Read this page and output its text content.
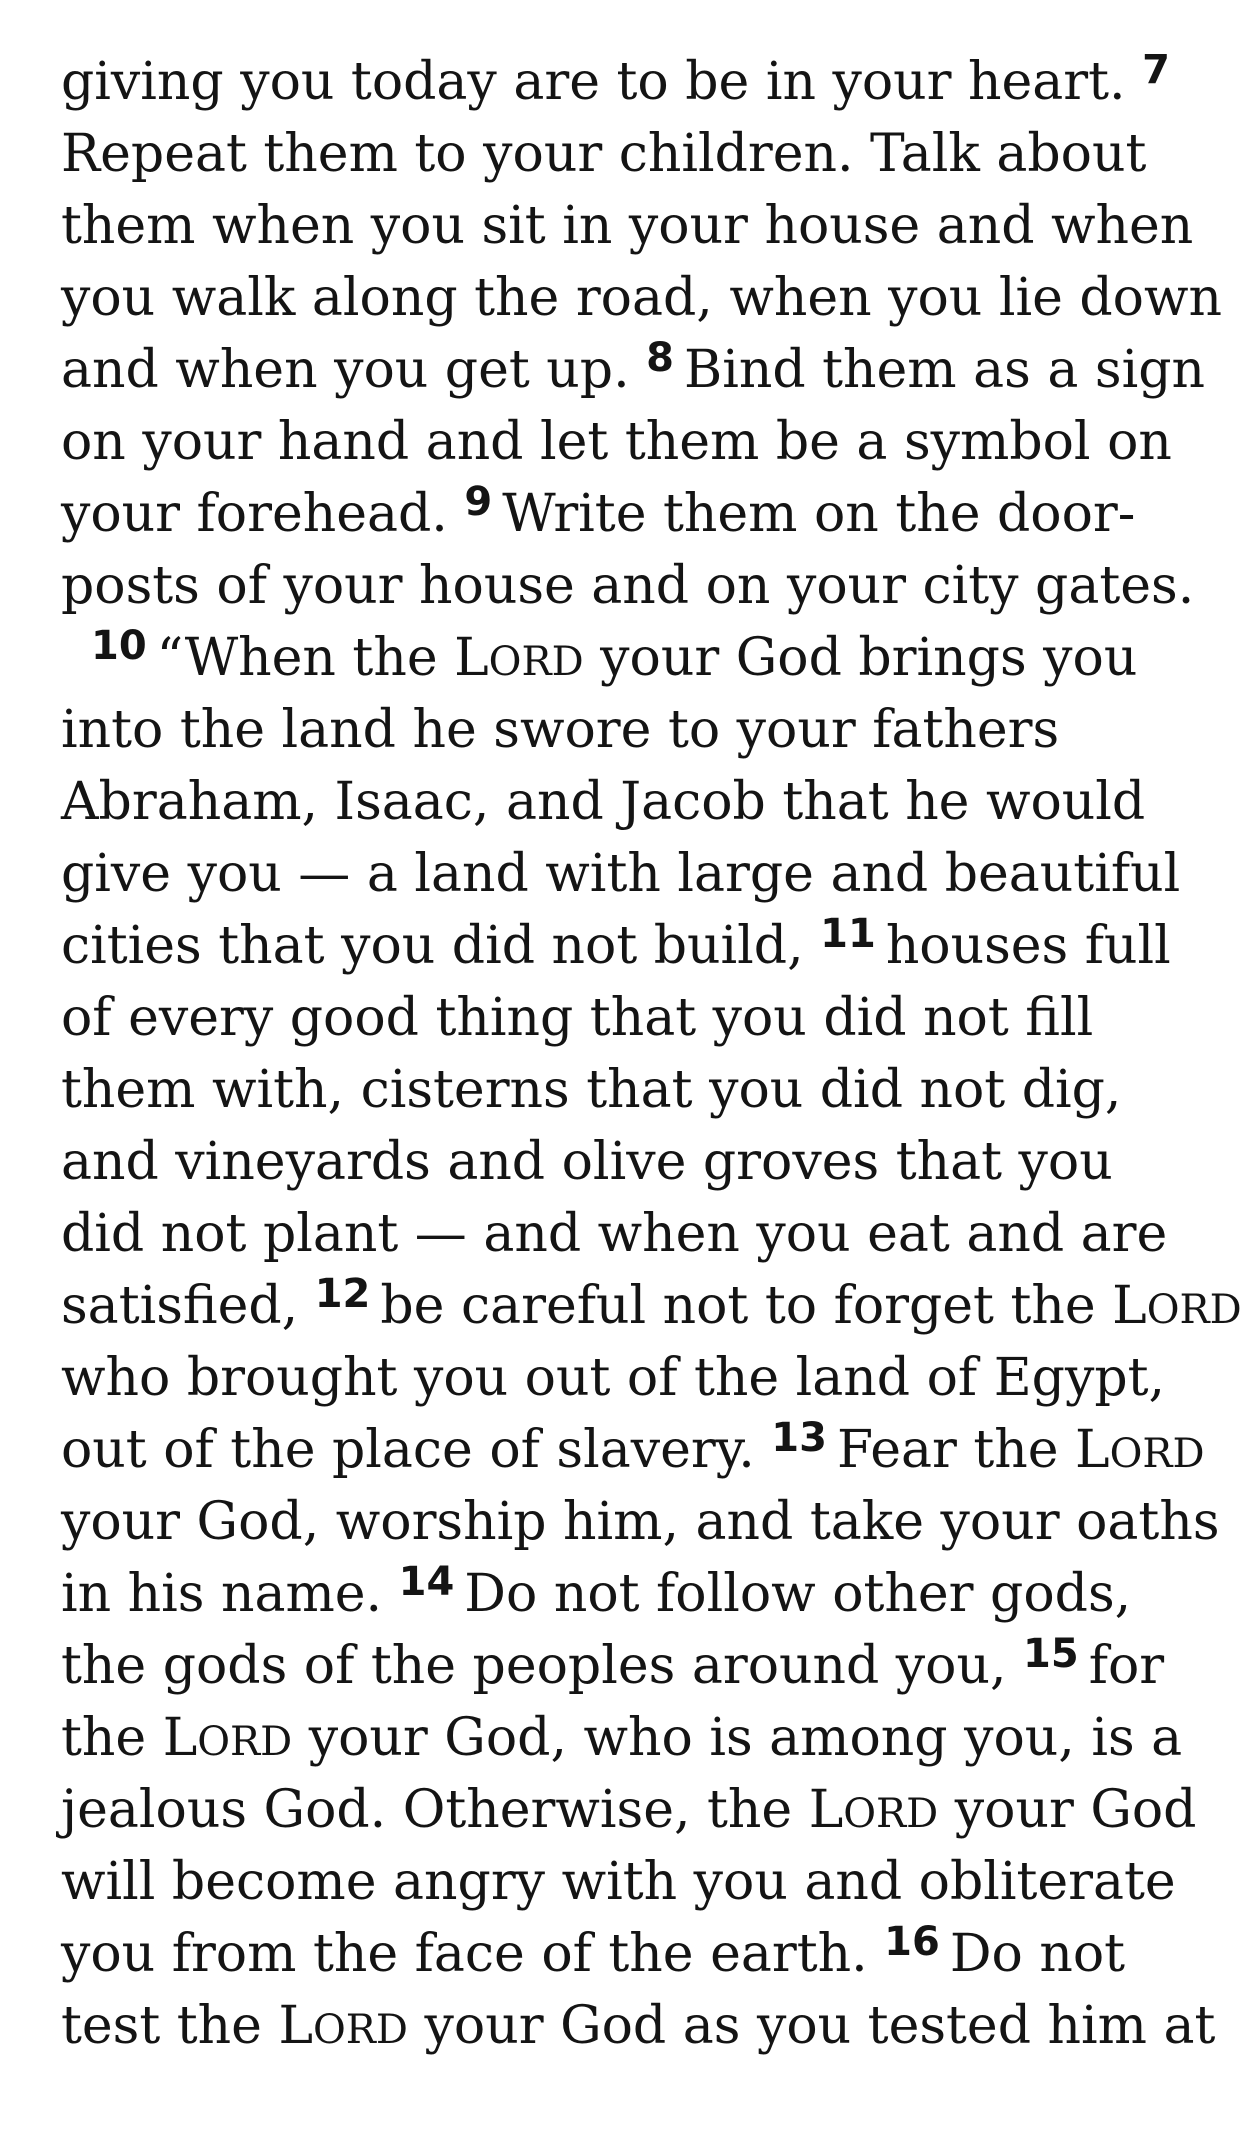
giving you today are to be in your heart. $^7$
Repeat them to your children. Talk about
them when you sit in your house and when
you walk along the road, when you lie down
and when you get up. $^8$ Bind them as a sign
on your hand and let them be a symbol on
your forehead. $^9$ Write them on the door-
posts of your house and on your city gates.
$^{10}$ “When the LORD your God brings you
into the land he swore to your fathers
Abraham, Isaac, and Jacob that he would
give you — a land with large and beautiful
cities that you did not build, $^{11}$ houses full
of every good thing that you did not fill
them with, cisterns that you did not dig,
and vineyards and olive groves that you
did not plant — and when you eat and are
satisfied, $^{12}$ be careful not to forget the LORD
who brought you out of the land of Egypt,
out of the place of slavery. $^{13}$ Fear the LORD
your God, worship him, and take your oaths
in his name. $^{14}$ Do not follow other gods,
the gods of the peoples around you, $^{15}$ for
the LORD your God, who is among you, is a
jealous God. Otherwise, the LORD your God
will become angry with you and obliterate
you from the face of the earth. $^{16}$ Do not
test the LORD your God as you tested him at
